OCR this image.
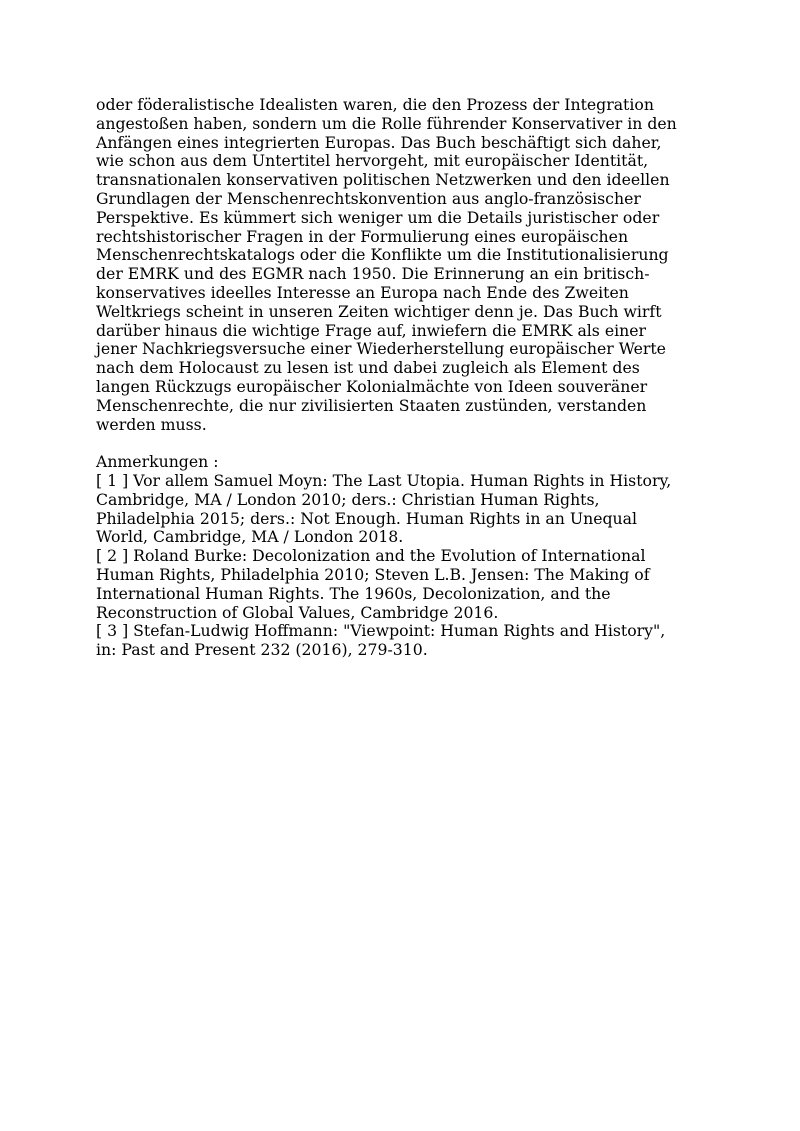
oder föderalistische Idealisten waren, die den Prozess der Integration
angestoßen haben, sondern um die Rolle führender Konservativer in den
Anfängen eines integrierten Europas. Das Buch beschäftigt sich daher,
wie schon aus dem Untertitel hervorgeht, mit europäischer Identität,
transnationalen konservativen politischen Netzwerken und den ideellen
Grundlagen der Menschenrechtskonvention aus anglo-französischer
Perspektive. Es kümmert sich weniger um die Details juristischer oder
rechtshistorischer Fragen in der Formulierung eines europäischen
Menschenrechtskatalogs oder die Konflikte um die Institutionalisierung
der EMRK und des EGMR nach 1950. Die Erinnerung an ein britisch-
konservatives ideelles Interesse an Europa nach Ende des Zweiten
Weltkriegs scheint in unseren Zeiten wichtiger denn je. Das Buch wirft
darüber hinaus die wichtige Frage auf, inwiefern die EMRK als einer
jener Nachkriegsversuche einer Wiederherstellung europäischer Werte
nach dem Holocaust zu lesen ist und dabei zugleich als Element des
langen Rückzugs europäischer Kolonialmächte von Ideen souveräner
Menschenrechte, die nur zivilisierten Staaten zustünden, verstanden
werden muss.
Anmerkungen :
[ 1 ] Vor allem Samuel Moyn: The Last Utopia. Human Rights in History,
Cambridge, MA / London 2010; ders.: Christian Human Rights,
Philadelphia 2015; ders.: Not Enough. Human Rights in an Unequal
World, Cambridge, MA / London 2018.
[ 2 ] Roland Burke: Decolonization and the Evolution of International
Human Rights, Philadelphia 2010; Steven L.B. Jensen: The Making of
International Human Rights. The 1960s, Decolonization, and the
Reconstruction of Global Values, Cambridge 2016.
[ 3 ] Stefan-Ludwig Hoffmann: "Viewpoint: Human Rights and History",
in: Past and Present 232 (2016), 279-310.
